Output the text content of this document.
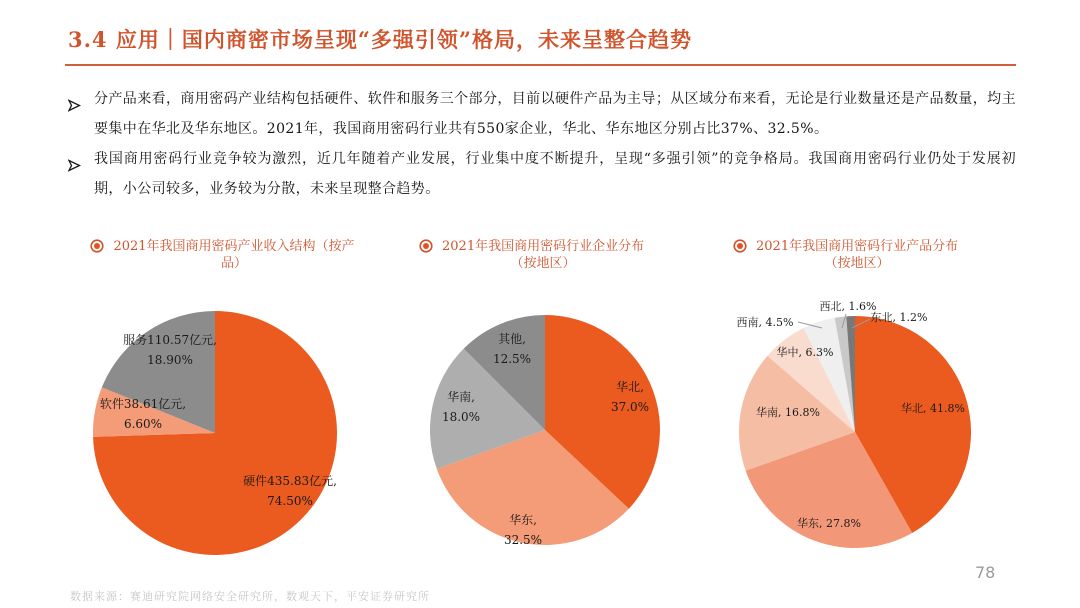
3.4 应用｜国内商密市场呈现“多强引领”格局，未来呈整合趋势
分产品来看，商用密码产业结构包括硬件、软件和服务三个部分，目前以硬件产品为主导；从区域分布来看，无论是行业数量还是产品数量，均主要集中在华北及华东地区。2021年，我国商用密码行业共有550家企业，华北、华东地区分别占比37%、32.5%。
我国商用密码行业竞争较为激烈，近几年随着产业发展，行业集中度不断提升，呈现“多强引领”的竞争格局。我国商用密码行业仍处于发展初期，小公司较多，业务较为分散，未来呈现整合趋势。
2021年我国商用密码产业收入结构（按产品）
服务110.57亿元,
18.90%
软件38.61亿元,
6.60%
硬件435.83亿元,
74.50%
2021年我国商用密码行业企业分布
（按地区）
华北,
37.0%
其他,
12.5%
华南,
18.0%
华东,
32.5%
2021年我国商用密码行业产品分布
（按地区）
西北, 1.6%
东北, 1.2%
西南, 4.5%
华中, 6.3%
华南, 16.8%
华东, 27.8%
华北, 41.8%
数据来源：赛迪研究院网络安全研究所，数观天下，平安证券研究所
78
